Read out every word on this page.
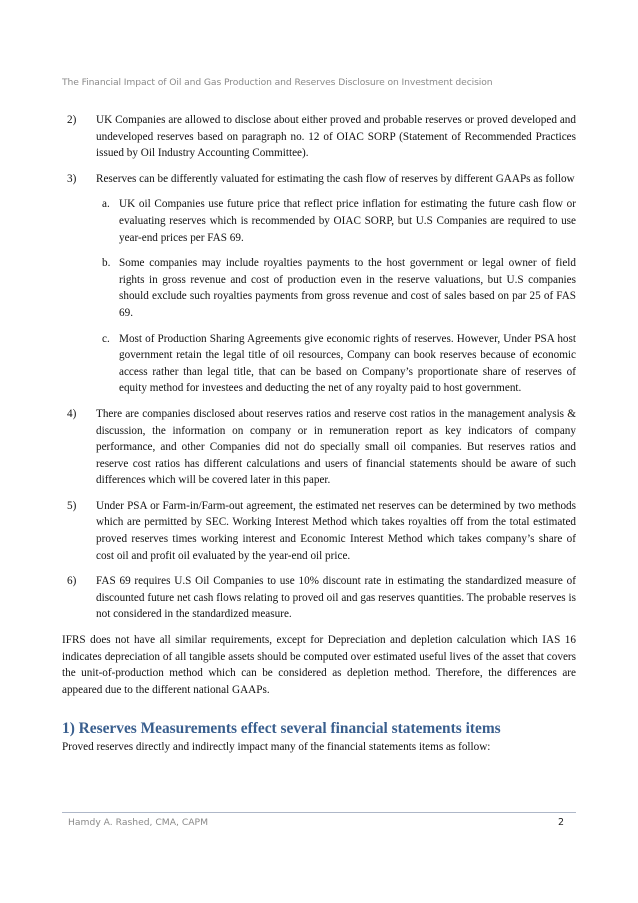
The Financial Impact of Oil and Gas Production and Reserves Disclosure on Investment decision
2) UK Companies are allowed to disclose about either proved and probable reserves or proved developed and undeveloped reserves based on paragraph no. 12 of OIAC SORP (Statement of Recommended Practices issued by Oil Industry Accounting Committee).
3) Reserves can be differently valuated for estimating the cash flow of reserves by different GAAPs as follow
a. UK oil Companies use future price that reflect price inflation for estimating the future cash flow or evaluating reserves which is recommended by OIAC SORP, but U.S Companies are required to use year-end prices per FAS 69.
b. Some companies may include royalties payments to the host government or legal owner of field rights in gross revenue and cost of production even in the reserve valuations, but U.S companies should exclude such royalties payments from gross revenue and cost of sales based on par 25 of FAS 69.
c. Most of Production Sharing Agreements give economic rights of reserves. However, Under PSA host government retain the legal title of oil resources, Company can book reserves because of economic access rather than legal title, that can be based on Company’s proportionate share of reserves of equity method for investees and deducting the net of any royalty paid to host government.
4) There are companies disclosed about reserves ratios and reserve cost ratios in the management analysis & discussion, the information on company or in remuneration report as key indicators of company performance, and other Companies did not do specially small oil companies. But reserves ratios and reserve cost ratios has different calculations and users of financial statements should be aware of such differences which will be covered later in this paper.
5) Under PSA or Farm-in/Farm-out agreement, the estimated net reserves can be determined by two methods which are permitted by SEC. Working Interest Method which takes royalties off from the total estimated proved reserves times working interest and Economic Interest Method which takes company’s share of cost oil and profit oil evaluated by the year-end oil price.
6) FAS 69 requires U.S Oil Companies to use 10% discount rate in estimating the standardized measure of discounted future net cash flows relating to proved oil and gas reserves quantities. The probable reserves is not considered in the standardized measure.

IFRS does not have all similar requirements, except for Depreciation and depletion calculation which IAS 16 indicates depreciation of all tangible assets should be computed over estimated useful lives of the asset that covers the unit-of-production method which can be considered as depletion method. Therefore, the differences are appeared due to the different national GAAPs.

1) Reserves Measurements effect several financial statements items

Proved reserves directly and indirectly impact many of the financial statements items as follow:

Hamdy A. Rashed, CMA, CAPM	2
